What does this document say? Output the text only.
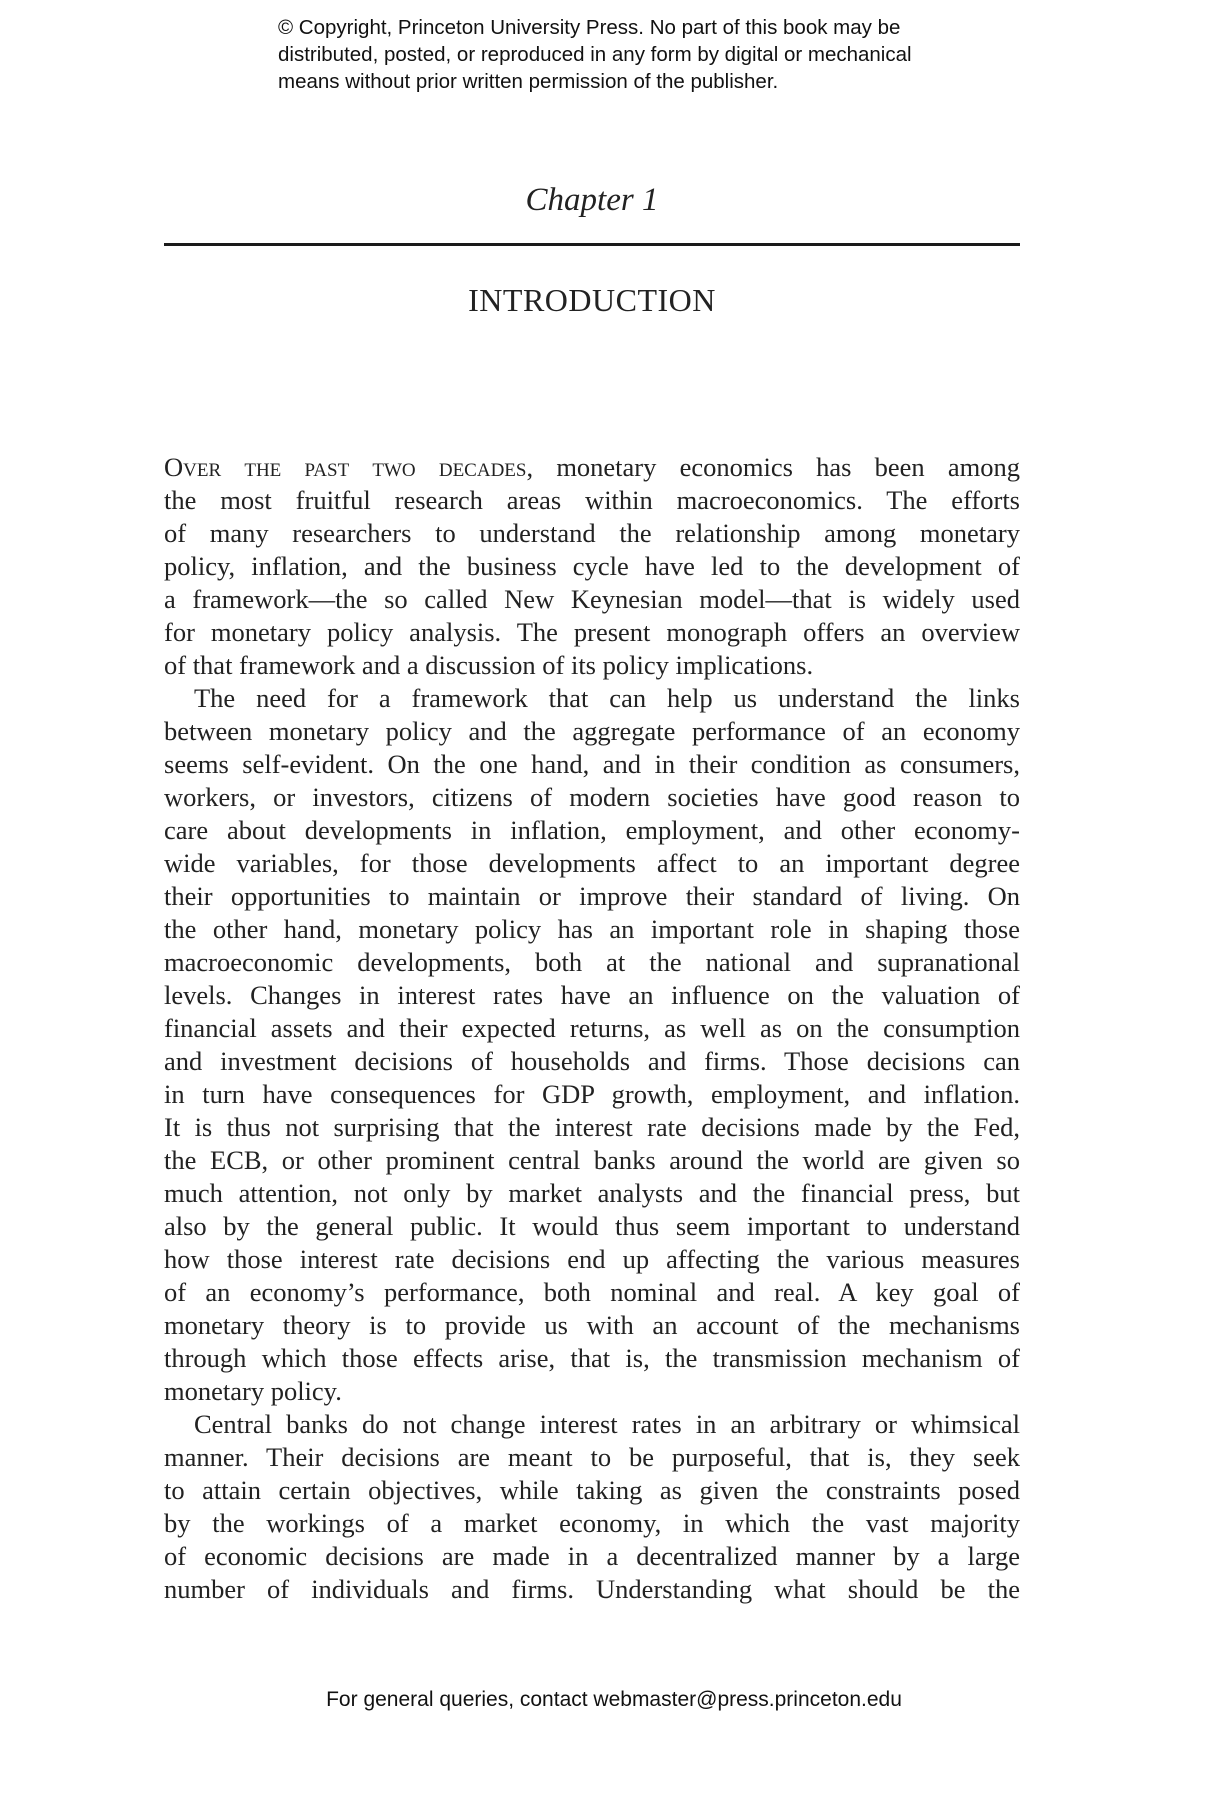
© Copyright, Princeton University Press. No part of this book may be
distributed, posted, or reproduced in any form by digital or mechanical
means without prior written permission of the publisher.
Chapter 1
INTRODUCTION
Over the past two decades, monetary economics has been among
the most fruitful research areas within macroeconomics. The efforts
of many researchers to understand the relationship among monetary
policy, inflation, and the business cycle have led to the development of
a framework—the so called New Keynesian model—that is widely used
for monetary policy analysis. The present monograph offers an overview
of that framework and a discussion of its policy implications.
The need for a framework that can help us understand the links
between monetary policy and the aggregate performance of an economy
seems self-evident. On the one hand, and in their condition as consumers,
workers, or investors, citizens of modern societies have good reason to
care about developments in inflation, employment, and other economy-
wide variables, for those developments affect to an important degree
their opportunities to maintain or improve their standard of living. On
the other hand, monetary policy has an important role in shaping those
macroeconomic developments, both at the national and supranational
levels. Changes in interest rates have an influence on the valuation of
financial assets and their expected returns, as well as on the consumption
and investment decisions of households and firms. Those decisions can
in turn have consequences for GDP growth, employment, and inflation.
It is thus not surprising that the interest rate decisions made by the Fed,
the ECB, or other prominent central banks around the world are given so
much attention, not only by market analysts and the financial press, but
also by the general public. It would thus seem important to understand
how those interest rate decisions end up affecting the various measures
of an economy’s performance, both nominal and real. A key goal of
monetary theory is to provide us with an account of the mechanisms
through which those effects arise, that is, the transmission mechanism of
monetary policy.
Central banks do not change interest rates in an arbitrary or whimsical
manner. Their decisions are meant to be purposeful, that is, they seek
to attain certain objectives, while taking as given the constraints posed
by the workings of a market economy, in which the vast majority
of economic decisions are made in a decentralized manner by a large
number of individuals and firms. Understanding what should be the
For general queries, contact webmaster@press.princeton.edu
